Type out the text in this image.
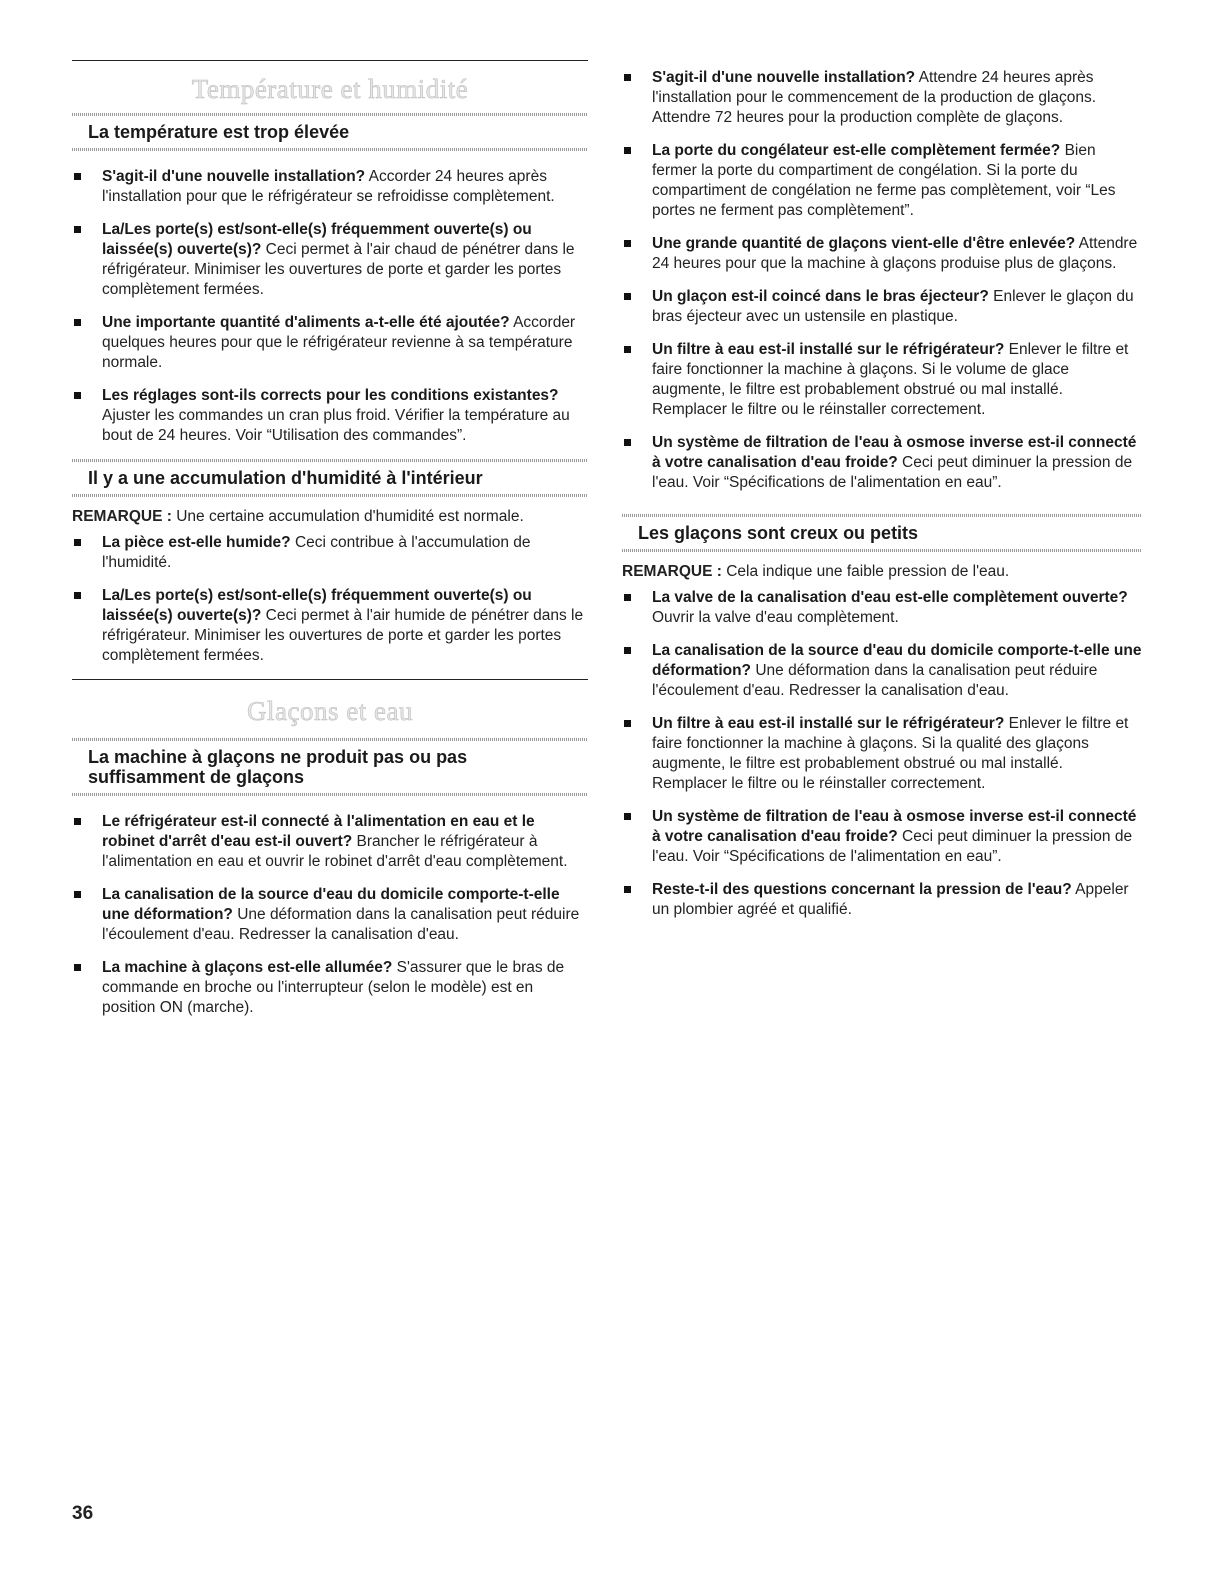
Température et humidité
La température est trop élevée
S'agit-il d'une nouvelle installation? Accorder 24 heures après l'installation pour que le réfrigérateur se refroidisse complètement.
La/Les porte(s) est/sont-elle(s) fréquemment ouverte(s) ou laissée(s) ouverte(s)? Ceci permet à l'air chaud de pénétrer dans le réfrigérateur. Minimiser les ouvertures de porte et garder les portes complètement fermées.
Une importante quantité d'aliments a-t-elle été ajoutée? Accorder quelques heures pour que le réfrigérateur revienne à sa température normale.
Les réglages sont-ils corrects pour les conditions existantes? Ajuster les commandes un cran plus froid. Vérifier la température au bout de 24 heures. Voir “Utilisation des commandes”.
Il y a une accumulation d'humidité à l'intérieur
REMARQUE : Une certaine accumulation d'humidité est normale.
La pièce est-elle humide? Ceci contribue à l'accumulation de l'humidité.
La/Les porte(s) est/sont-elle(s) fréquemment ouverte(s) ou laissée(s) ouverte(s)? Ceci permet à l'air humide de pénétrer dans le réfrigérateur. Minimiser les ouvertures de porte et garder les portes complètement fermées.
Glaçons et eau
La machine à glaçons ne produit pas ou pas
suffisamment de glaçons
Le réfrigérateur est-il connecté à l'alimentation en eau et le robinet d'arrêt d'eau est-il ouvert? Brancher le réfrigérateur à l'alimentation en eau et ouvrir le robinet d'arrêt d'eau complètement.
La canalisation de la source d'eau du domicile comporte-t-elle une déformation? Une déformation dans la canalisation peut réduire l'écoulement d'eau. Redresser la canalisation d'eau.
La machine à glaçons est-elle allumée? S'assurer que le bras de commande en broche ou l'interrupteur (selon le modèle) est en position ON (marche).
S'agit-il d'une nouvelle installation? Attendre 24 heures après l'installation pour le commencement de la production de glaçons. Attendre 72 heures pour la production complète de glaçons.
La porte du congélateur est-elle complètement fermée? Bien fermer la porte du compartiment de congélation. Si la porte du compartiment de congélation ne ferme pas complètement, voir “Les portes ne ferment pas complètement”.
Une grande quantité de glaçons vient-elle d'être enlevée? Attendre 24 heures pour que la machine à glaçons produise plus de glaçons.
Un glaçon est-il coincé dans le bras éjecteur? Enlever le glaçon du bras éjecteur avec un ustensile en plastique.
Un filtre à eau est-il installé sur le réfrigérateur? Enlever le filtre et faire fonctionner la machine à glaçons. Si le volume de glace augmente, le filtre est probablement obstrué ou mal installé. Remplacer le filtre ou le réinstaller correctement.
Un système de filtration de l'eau à osmose inverse est-il connecté à votre canalisation d'eau froide? Ceci peut diminuer la pression de l'eau. Voir “Spécifications de l'alimentation en eau”.
Les glaçons sont creux ou petits
REMARQUE : Cela indique une faible pression de l'eau.
La valve de la canalisation d'eau est-elle complètement ouverte? Ouvrir la valve d'eau complètement.
La canalisation de la source d'eau du domicile comporte-t-elle une déformation? Une déformation dans la canalisation peut réduire l'écoulement d'eau. Redresser la canalisation d'eau.
Un filtre à eau est-il installé sur le réfrigérateur? Enlever le filtre et faire fonctionner la machine à glaçons. Si la qualité des glaçons augmente, le filtre est probablement obstrué ou mal installé. Remplacer le filtre ou le réinstaller correctement.
Un système de filtration de l'eau à osmose inverse est-il connecté à votre canalisation d'eau froide? Ceci peut diminuer la pression de l'eau. Voir “Spécifications de l'alimentation en eau”.
Reste-t-il des questions concernant la pression de l'eau? Appeler un plombier agréé et qualifié.
36
